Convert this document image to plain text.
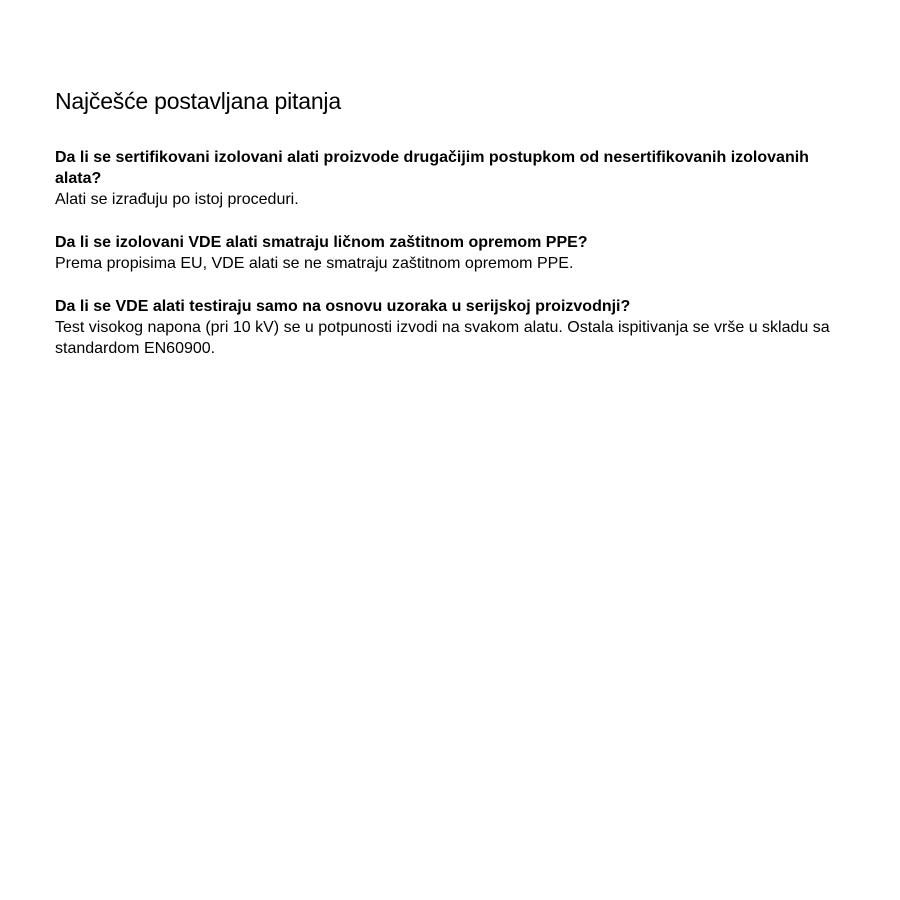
Najčešće postavljana pitanja

Da li se sertifikovani izolovani alati proizvode drugačijim postupkom od nesertifikovanih izolovanih alata?

Alati se izrađuju po istoj proceduri.

Da li se izolovani VDE alati smatraju ličnom zaštitnom opremom PPE?

Prema propisima EU, VDE alati se ne smatraju zaštitnom opremom PPE.

Da li se VDE alati testiraju samo na osnovu uzoraka u serijskoj proizvodnji?

Test visokog napona (pri 10 kV) se u potpunosti izvodi na svakom alatu. Ostala ispitivanja se vrše u skladu sa standardom EN60900.
